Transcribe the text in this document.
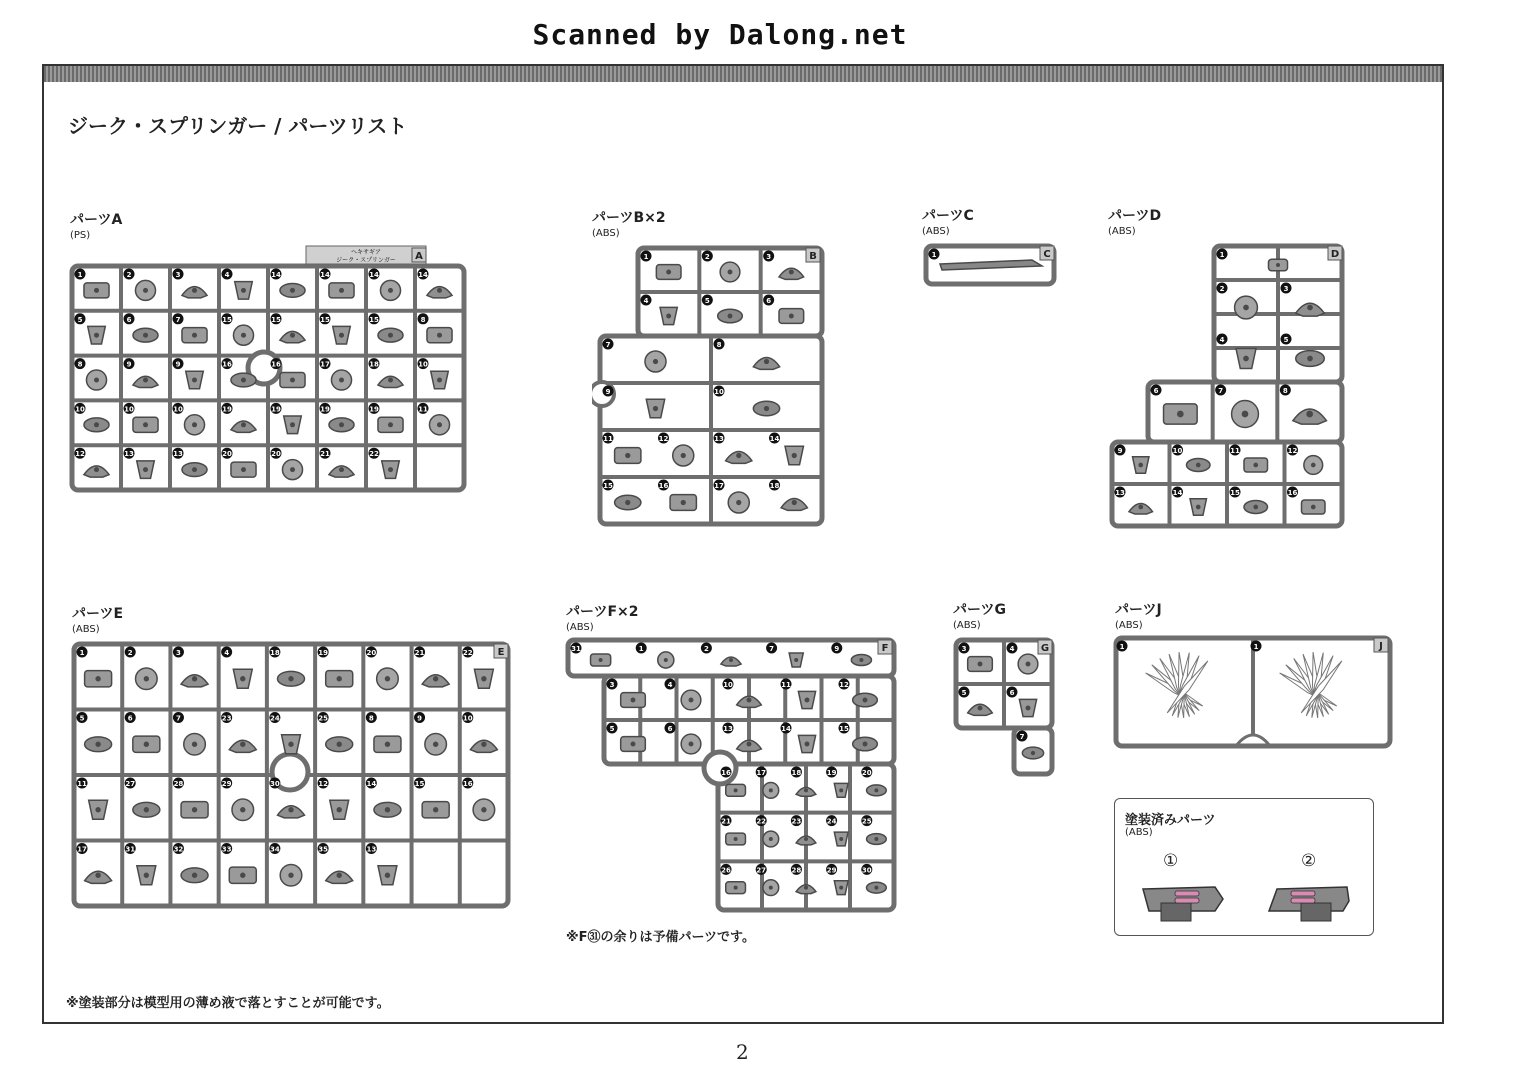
Scanned by Dalong.net
ジーク・スプリンガー / パーツリスト
パーツA
(PS)
パーツB×2
(ABS)
パーツC
(ABS)
パーツD
(ABS)
パーツE
(ABS)
パーツF×2
(ABS)
パーツG
(ABS)
パーツJ
(ABS)
ヘキサギア
ジーク・スプリンガー A
1	2	3	4	14	14	14	14
5	6	7	15	15	15	15	8
8	9	9	16	16	17	18	10
10	10	10	19	19	19	19	11
12	13	13	20	20	21	22
B
1	2	3
4	5	6
7	8
9	10
11	12	13	14
15	16	17	18
C
1	D
1
2	3
4	5
6	7	8
9	10	11	12
13	14	15	16
E
1	2	3	4	18	19	20	21	22
5	6	7	23	24	25	8	9	10
11	27	28	29	30	12	14	15	16
17	31	32	33	34	35	13
F
31	1	2	7	9
3	4	10	11	12
5	6	13	14	15
16	17	18	19	20
21	22	23	24	25
26	27	28	29	30
G
3	4
5	6
7
J
1	1
※F㉛の余りは予備パーツです。
※塗装部分は模型用の薄め液で落とすことが可能です。
塗装済みパーツ
(ABS)
①	②
2
